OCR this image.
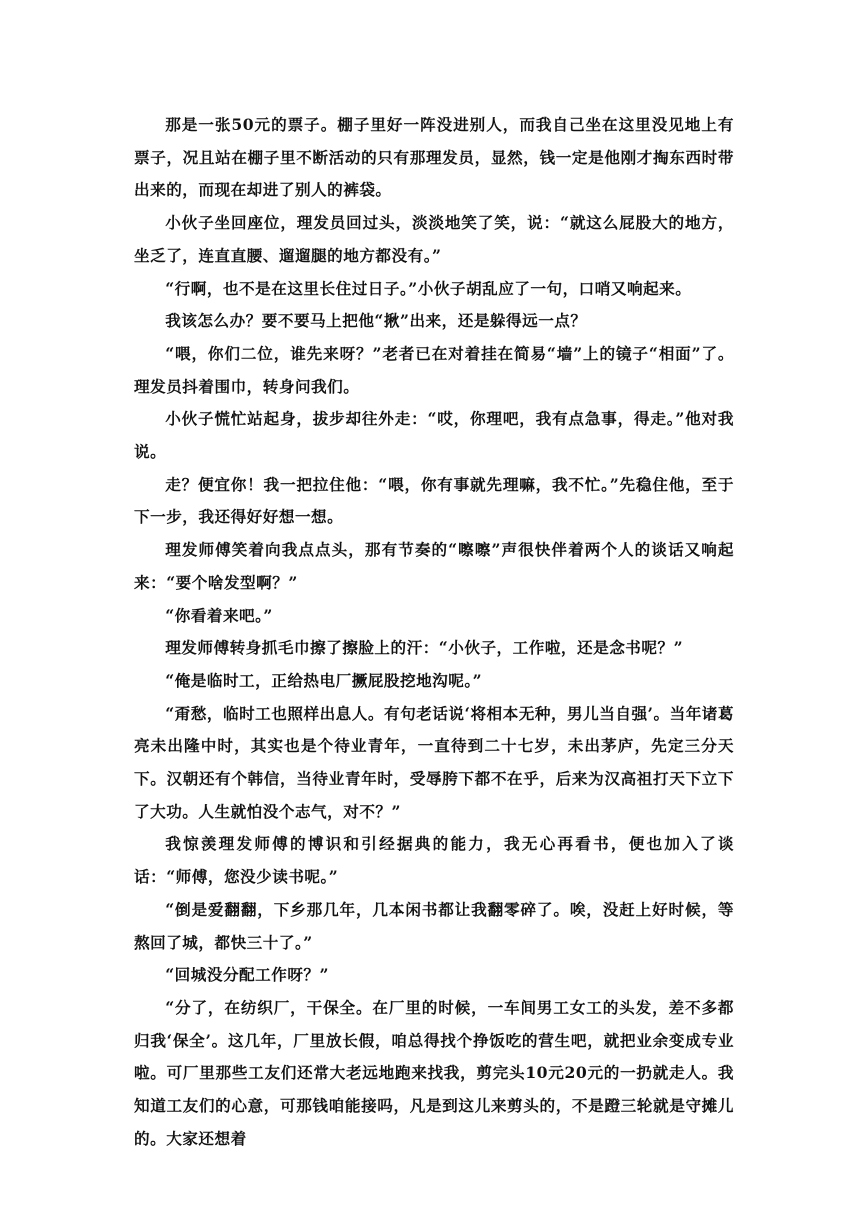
那是一张50元的票子。棚子里好一阵没进别人，而我自己坐在这里没见地上有票子，况且站在棚子里不断活动的只有那理发员，显然，钱一定是他刚才掏东西时带出来的，而现在却进了别人的裤袋。

小伙子坐回座位，理发员回过头，淡淡地笑了笑，说：“就这么屁股大的地方，坐乏了，连直直腰、遛遛腿的地方都没有。”

“行啊，也不是在这里长住过日子。”小伙子胡乱应了一句，口哨又响起来。

我该怎么办？要不要马上把他“揪”出来，还是躲得远一点？

“喂，你们二位，谁先来呀？”老者已在对着挂在简易“墙”上的镜子“相面”了。理发员抖着围巾，转身问我们。

小伙子慌忙站起身，拔步却往外走：“哎，你理吧，我有点急事，得走。”他对我说。

走？便宜你！我一把拉住他：“喂，你有事就先理嘛，我不忙。”先稳住他，至于下一步，我还得好好想一想。

理发师傅笑着向我点点头，那有节奏的“嚓嚓”声很快伴着两个人的谈话又响起来：“要个啥发型啊？”

“你看着来吧。”

理发师傅转身抓毛巾擦了擦脸上的汗：“小伙子，工作啦，还是念书呢？”

“俺是临时工，正给热电厂撅屁股挖地沟呢。”

“甭愁，临时工也照样出息人。有句老话说‘将相本无种，男儿当自强’。当年诸葛亮未出隆中时，其实也是个待业青年，一直待到二十七岁，未出茅庐，先定三分天下。汉朝还有个韩信，当待业青年时，受辱胯下都不在乎，后来为汉高祖打天下立下了大功。人生就怕没个志气，对不？”

我惊羡理发师傅的博识和引经据典的能力，我无心再看书，便也加入了谈话：“师傅，您没少读书呢。”

“倒是爱翻翻，下乡那几年，几本闲书都让我翻零碎了。唉，没赶上好时候，等熬回了城，都快三十了。”

“回城没分配工作呀？”

“分了，在纺织厂，干保全。在厂里的时候，一车间男工女工的头发，差不多都归我‘保全’。这几年，厂里放长假，咱总得找个挣饭吃的营生吧，就把业余变成专业啦。可厂里那些工友们还常大老远地跑来找我，剪完头10元20元的一扔就走人。我知道工友们的心意，可那钱咱能接吗，凡是到这儿来剪头的，不是蹬三轮就是守摊儿的。大家还想着
